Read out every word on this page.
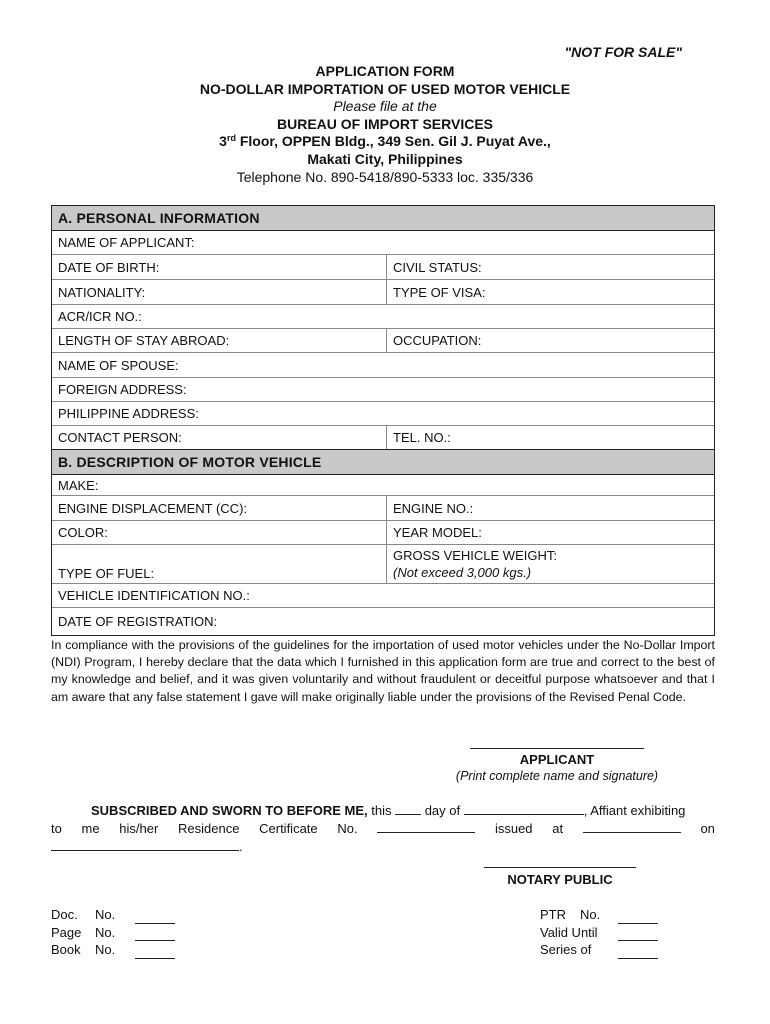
"NOT FOR SALE"
APPLICATION FORM
NO-DOLLAR IMPORTATION OF USED MOTOR VEHICLE
Please file at the
BUREAU OF IMPORT SERVICES
3rd Floor, OPPEN Bldg., 349 Sen. Gil J. Puyat Ave.,
Makati City, Philippines
Telephone No. 890-5418/890-5333 loc. 335/336
A. PERSONAL INFORMATION
NAME OF APPLICANT:
DATE OF BIRTH:	CIVIL STATUS:
NATIONALITY:	TYPE OF VISA:
ACR/ICR NO.:
LENGTH OF STAY ABROAD:	OCCUPATION:
NAME OF SPOUSE:
FOREIGN ADDRESS:
PHILIPPINE ADDRESS:
CONTACT PERSON:	TEL. NO.:
B. DESCRIPTION OF MOTOR VEHICLE
MAKE:
ENGINE DISPLACEMENT (CC):	ENGINE NO.:
COLOR:	YEAR MODEL:
TYPE OF FUEL:
GROSS VEHICLE WEIGHT:
(Not exceed 3,000 kgs.)
VEHICLE IDENTIFICATION NO.:
DATE OF REGISTRATION:
In compliance with the provisions of the guidelines for the importation of used motor vehicles under the No-Dollar Import (NDI) Program, I hereby declare that the data which I furnished in this application form are true and correct to the best of my knowledge and belief, and it was given voluntarily and without fraudulent or deceitful purpose whatsoever and that I am aware that any false statement I gave will make originally liable under the provisions of the Revised Penal Code.
APPLICANT
(Print complete name and signature)
SUBSCRIBED AND SWORN TO BEFORE ME, this  day of	, Affiant exhibiting
to me his/her Residence Certificate No.	issued at	on
.
NOTARY PUBLIC
Doc.	No.
Page	No.
Book	No.
PTR No.
Valid Until
Series of
